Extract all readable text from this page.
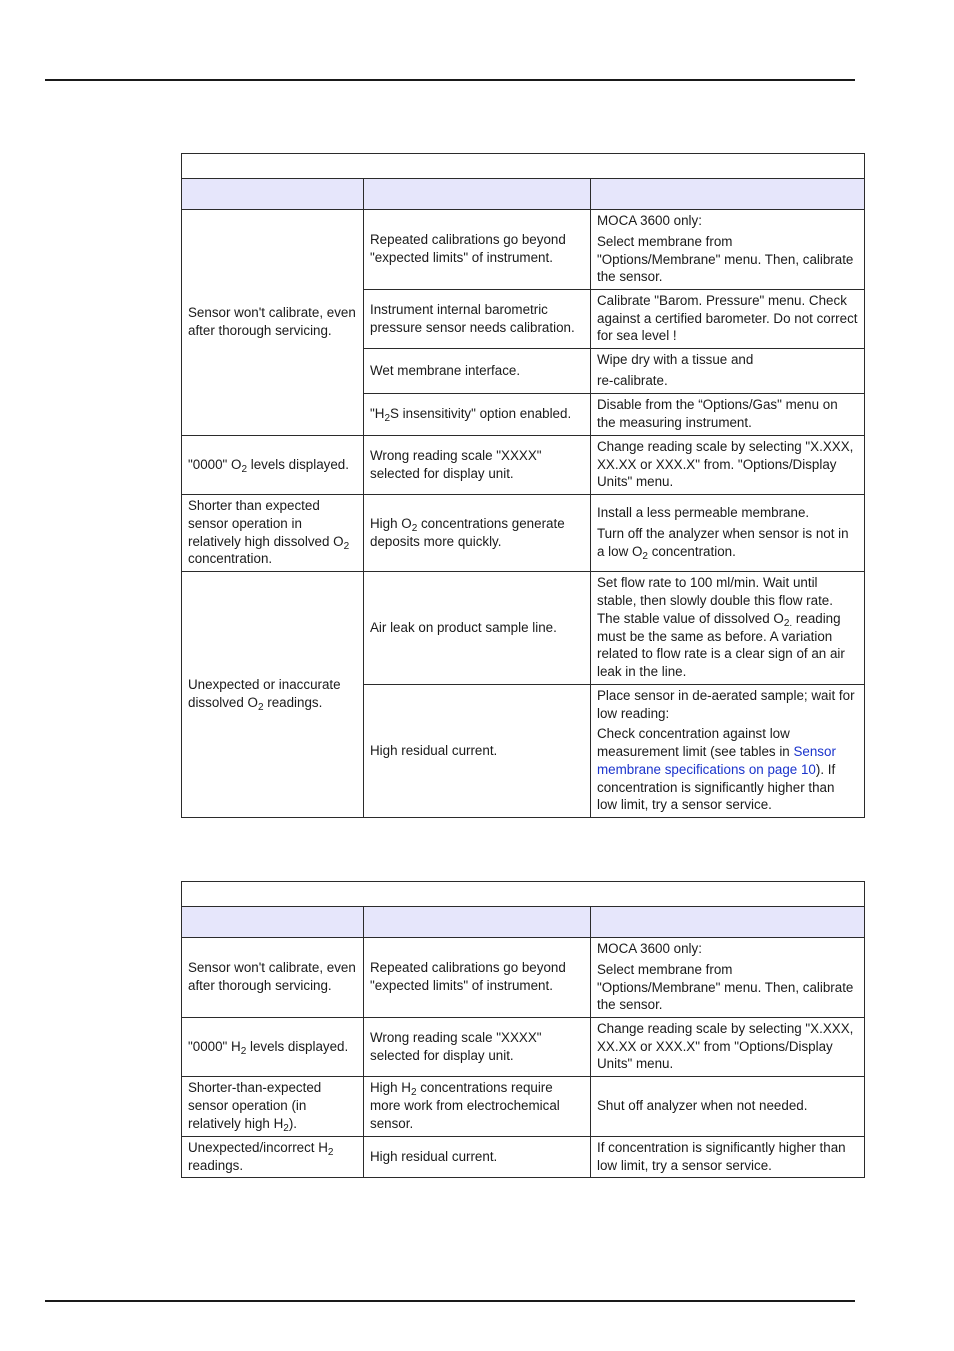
Sensor won't calibrate, even after thorough servicing.	Repeated calibrations go beyond "expected limits" of instrument.	MOCA 3600 only:

Select membrane from "Options/Membrane" menu. Then, calibrate the sensor.

	Instrument internal barometric pressure sensor needs calibration.	Calibrate "Barom. Pressure" menu. Check against a certified barometer. Do not correct for sea level !
	Wet membrane interface.	Wipe dry with a tissue and

re-calibrate.

	"$H_2S$ insensitivity" option enabled.	Disable from the “Options/Gas" menu on the measuring instrument.
"0000" $O_2$ levels displayed.	Wrong reading scale "XXXX" selected for display unit.	Change reading scale by selecting "X.XXX, XX.XX or XXX.X" from. "Options/Display Units" menu.
Shorter than expected sensor operation in relatively high dissolved $O_2$ concentration.	High $O_2$ concentrations generate deposits more quickly.	Install a less permeable membrane.

Turn off the analyzer when sensor is not in a low $O_2$ concentration.

Unexpected or inaccurate dissolved $O_2$ readings.	Air leak on product sample line.	Set flow rate to 100 ml/min. Wait until stable, then slowly double this flow rate. The stable value of dissolved $O_{2.}$ reading must be the same as before. A variation related to flow rate is a clear sign of an air leak in the line.
	High residual current.	Place sensor in de-aerated sample; wait for low reading:

Check concentration against low measurement limit (see tables in Sensor membrane specifications on page 10). If concentration is significantly higher than low limit, try a sensor service.

Sensor won't calibrate, even after thorough servicing.	Repeated calibrations go beyond "expected limits" of instrument.	MOCA 3600 only:

Select membrane from "Options/Membrane" menu. Then, calibrate the sensor.

"0000" $H_2$ levels displayed.	Wrong reading scale "XXXX" selected for display unit.	Change reading scale by selecting "X.XXX, XX.XX or XXX.X" from "Options/Display Units" menu.
Shorter-than-expected sensor operation (in relatively high $H_2$).	High $H_2$ concentrations require more work from electrochemical sensor.	Shut off analyzer when not needed.
Unexpected/incorrect $H_2$ readings.	High residual current.	If concentration is significantly higher than low limit, try a sensor service.
